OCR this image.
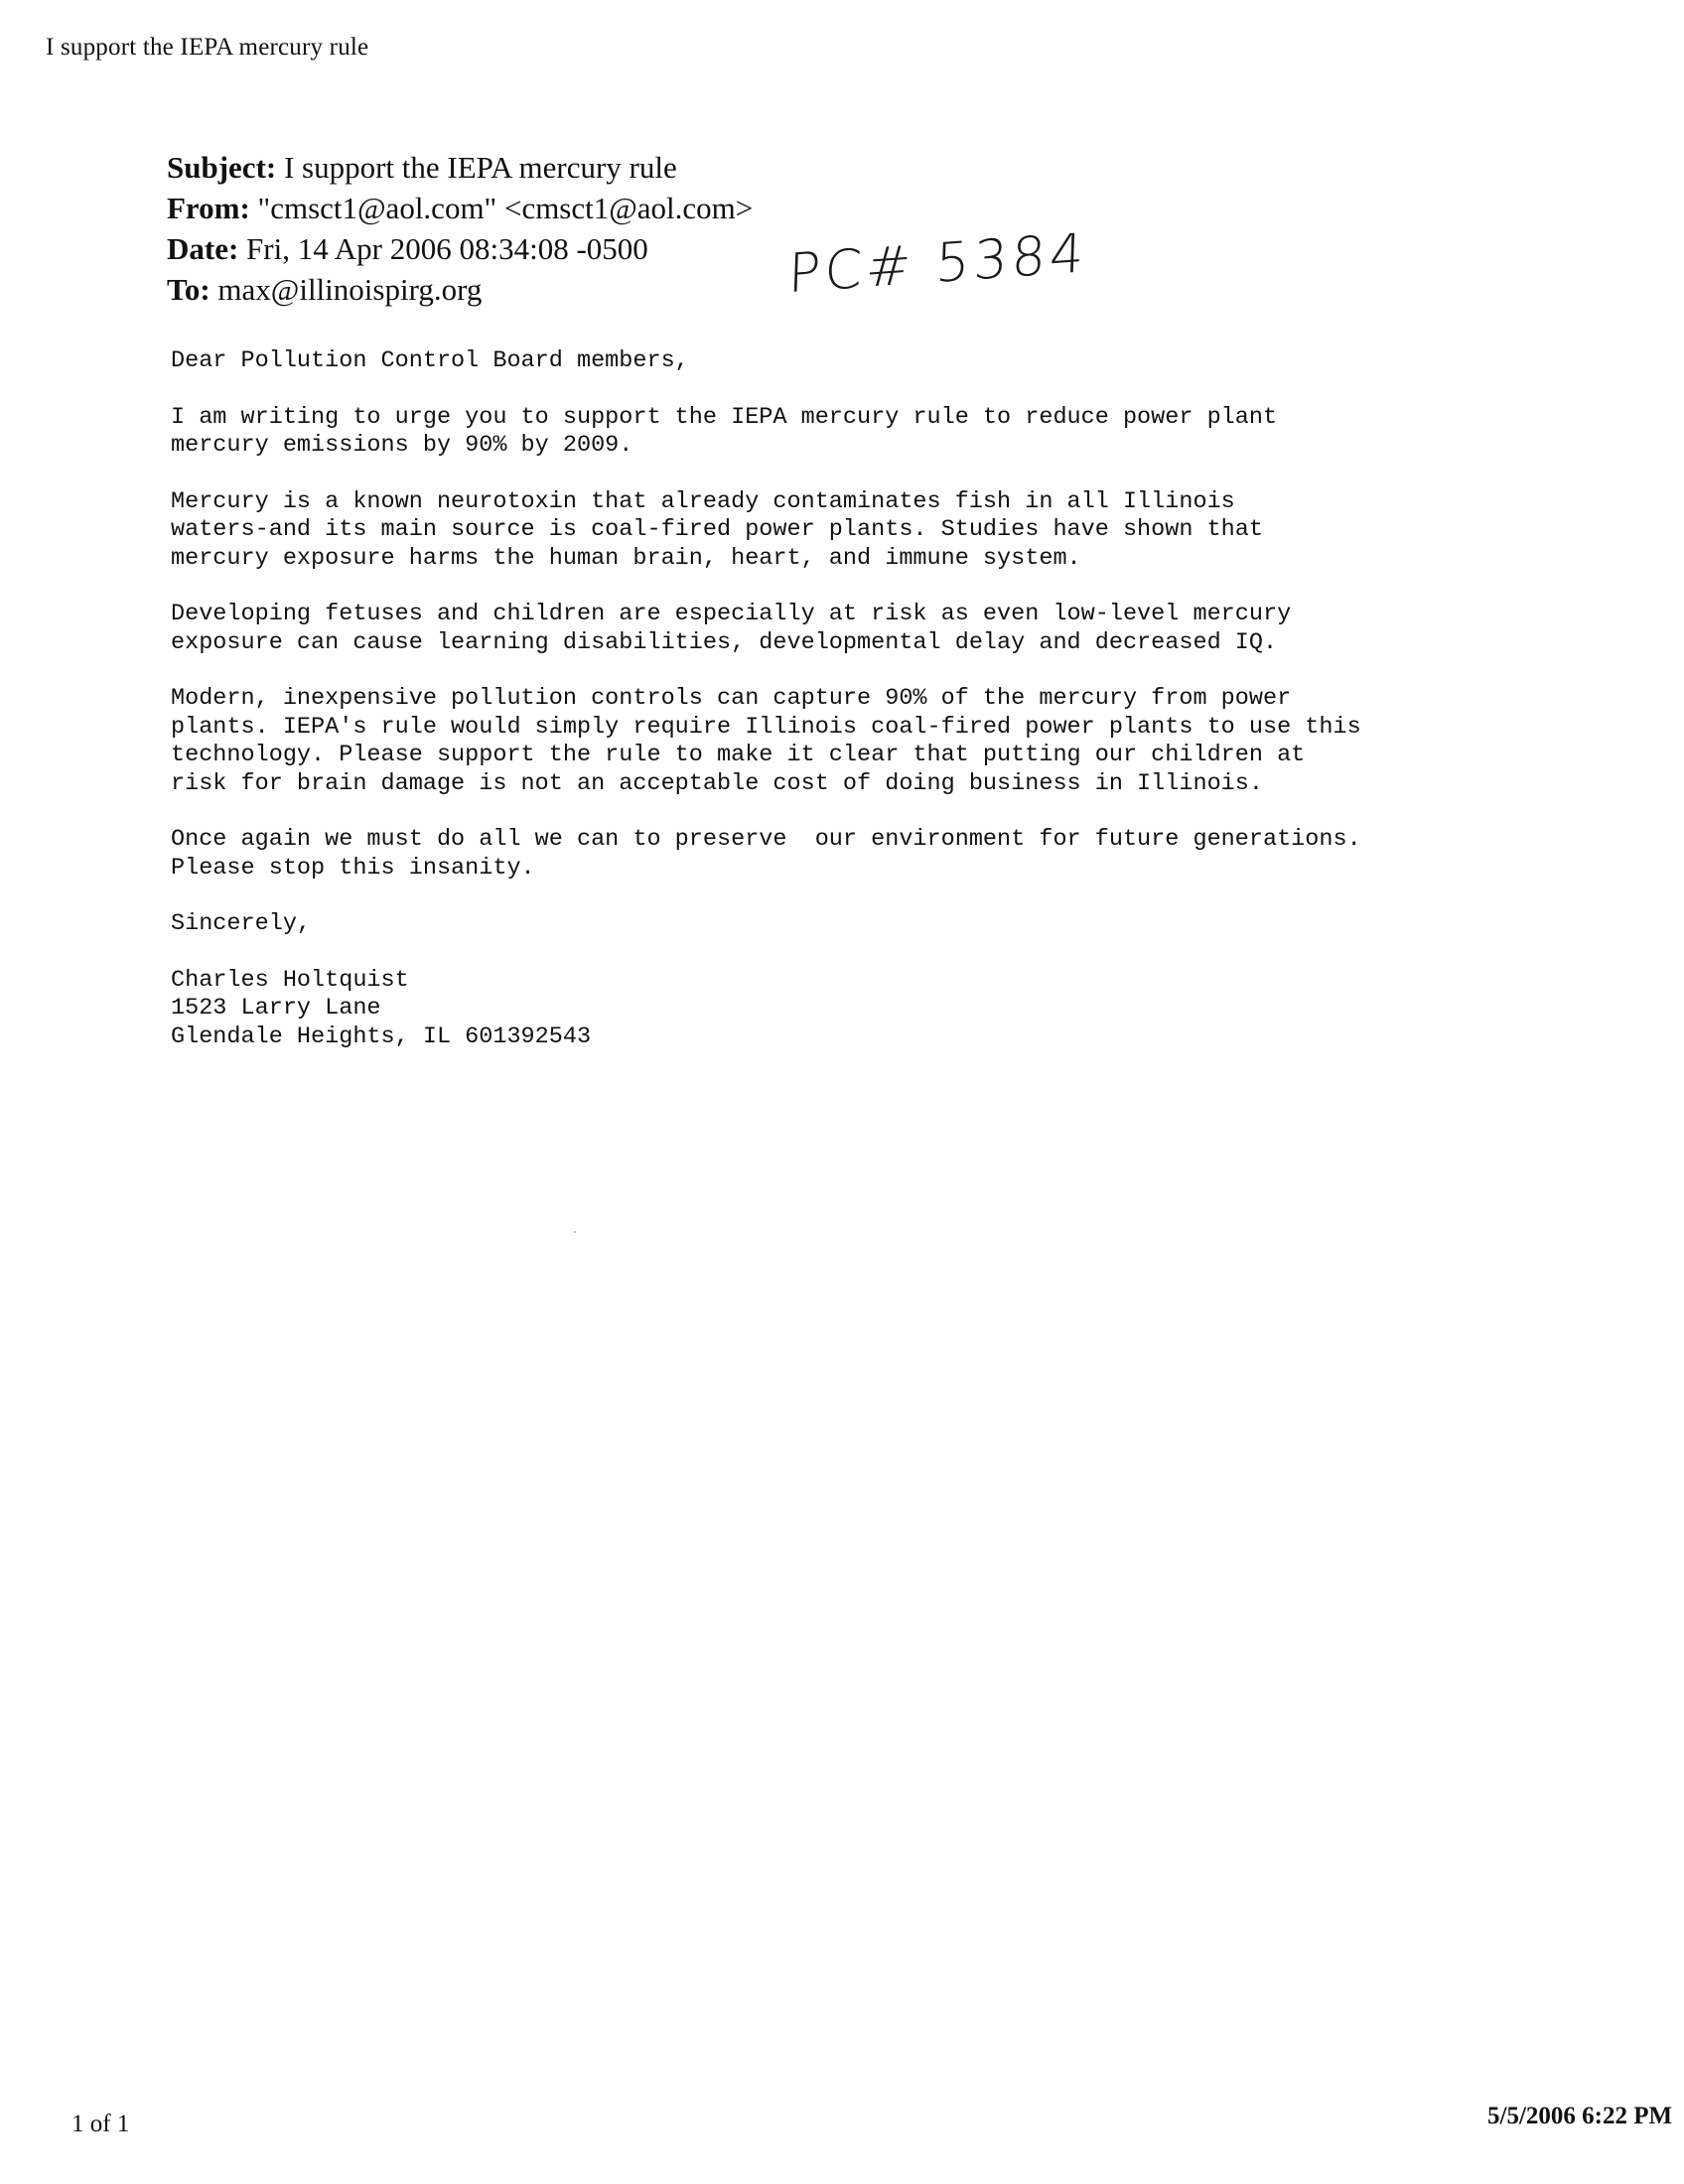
I support the IEPA mercury rule
Subject: I support the IEPA mercury rule
From: "cmsct1@aol.com" <cmsct1@aol.com>
Date: Fri, 14 Apr 2006 08:34:08 -0500
To: max@illinoispirg.org	PC# 5384
Dear Pollution Control Board members,
I am writing to urge you to support the IEPA mercury rule to reduce power plant
mercury emissions by 90% by 2009.
Mercury is a known neurotoxin that already contaminates fish in all Illinois
waters-and its main source is coal-fired power plants. Studies have shown that
mercury exposure harms the human brain, heart, and immune system.
Developing fetuses and children are especially at risk as even low-level mercury
exposure can cause learning disabilities, developmental delay and decreased IQ.
Modern, inexpensive pollution controls can capture 90% of the mercury from power
plants. IEPA's rule would simply require Illinois coal-fired power plants to use this
technology. Please support the rule to make it clear that putting our children at
risk for brain damage is not an acceptable cost of doing business in Illinois.
Once again we must do all we can to preserve  our environment for future generations.
Please stop this insanity.
Sincerely,
Charles Holtquist
1523 Larry Lane
Glendale Heights, IL 601392543
1 of 1	5/5/2006 6:22 PM
